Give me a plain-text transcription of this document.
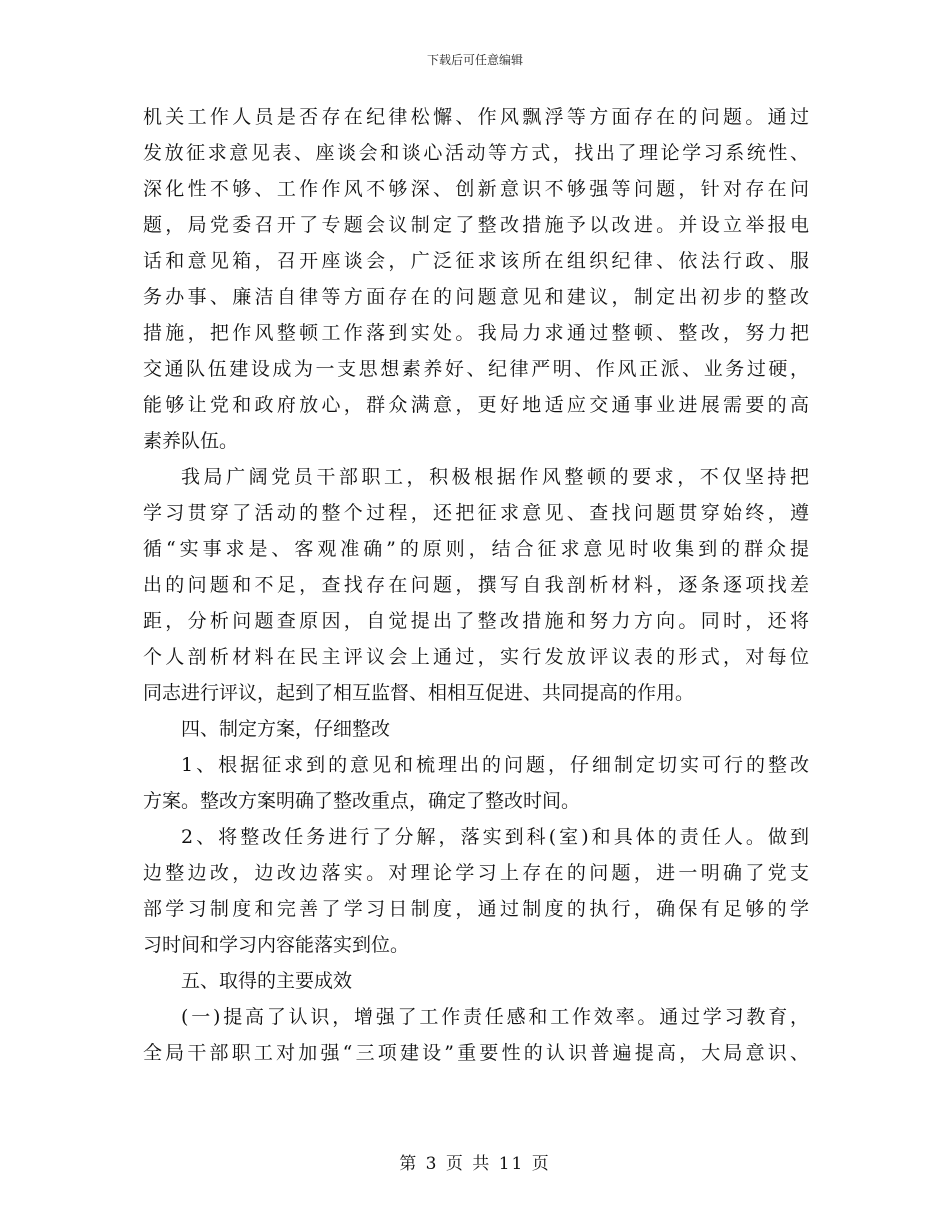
下载后可任意编辑
机关工作人员是否存在纪律松懈、作风飘浮等方面存在的问题。通过
发放征求意见表、座谈会和谈心活动等方式，找出了理论学习系统性、
深化性不够、工作作风不够深、创新意识不够强等问题，针对存在问
题，局党委召开了专题会议制定了整改措施予以改进。并设立举报电
话和意见箱，召开座谈会，广泛征求该所在组织纪律、依法行政、服
务办事、廉洁自律等方面存在的问题意见和建议，制定出初步的整改
措施，把作风整顿工作落到实处。我局力求通过整顿、整改，努力把
交通队伍建设成为一支思想素养好、纪律严明、作风正派、业务过硬，
能够让党和政府放心，群众满意，更好地适应交通事业进展需要的高
素养队伍。
我局广阔党员干部职工，积极根据作风整顿的要求，不仅坚持把
学习贯穿了活动的整个过程，还把征求意见、查找问题贯穿始终，遵
循“实事求是、客观准确”的原则，结合征求意见时收集到的群众提
出的问题和不足，查找存在问题，撰写自我剖析材料，逐条逐项找差
距，分析问题查原因，自觉提出了整改措施和努力方向。同时，还将
个人剖析材料在民主评议会上通过，实行发放评议表的形式，对每位
同志进行评议，起到了相互监督、相相互促进、共同提高的作用。
四、制定方案，仔细整改
1、根据征求到的意见和梳理出的问题，仔细制定切实可行的整改
方案。整改方案明确了整改重点，确定了整改时间。
2、将整改任务进行了分解，落实到科(室)和具体的责任人。做到
边整边改，边改边落实。对理论学习上存在的问题，进一明确了党支
部学习制度和完善了学习日制度，通过制度的执行，确保有足够的学
习时间和学习内容能落实到位。
五、取得的主要成效
(一)提高了认识，增强了工作责任感和工作效率。通过学习教育，
全局干部职工对加强“三项建设”重要性的认识普遍提高，大局意识、
第 3 页 共 11 页
